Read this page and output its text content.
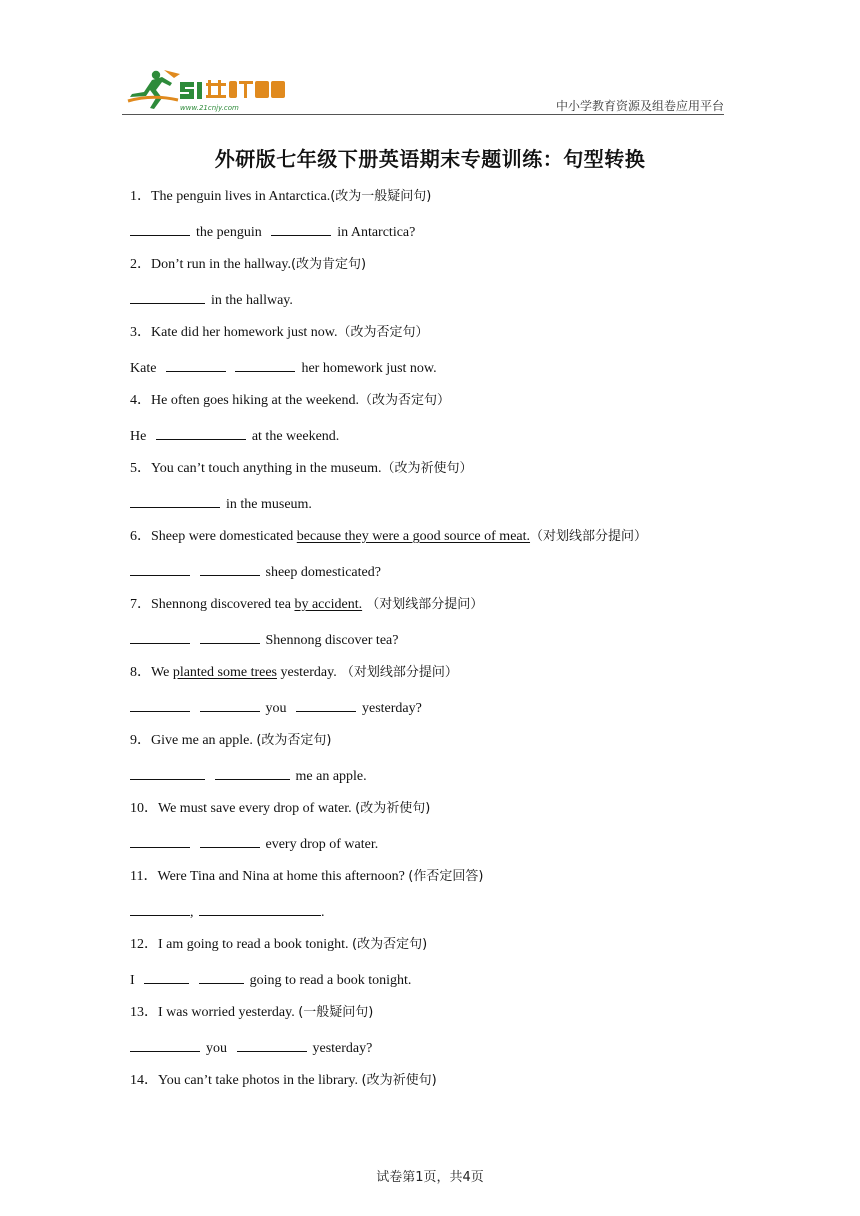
www.21cnjy.com	中小学教育资源及组卷应用平台
外研版七年级下册英语期末专题训练：句型转换
1．The penguin lives in Antarctica.(改为一般疑问句)
the penguin	in Antarctica?
2．Don’t run in the hallway.(改为肯定句)
in the hallway.
3．Kate did her homework just now.（改为否定句）
Kate	her homework just now.
4．He often goes hiking at the weekend.（改为否定句）
He	at the weekend.
5．You can’t touch anything in the museum.（改为祈使句）
in the museum.
6．Sheep were domesticated because they were a good source of meat.（对划线部分提问）
sheep domesticated?
7．Shennong discovered tea by accident. （对划线部分提问）
Shennong discover tea?
8．We planted some trees yesterday. （对划线部分提问）
you	yesterday?
9．Give me an apple. (改为否定句)
me an apple.
10．We must save every drop of water. (改为祈使句)
every drop of water.
11．Were Tina and Nina at home this afternoon? (作否定回答)
,	.
12．I am going to read a book tonight. (改为否定句)
I	going to read a book tonight.
13．I was worried yesterday. (一般疑问句)
you	yesterday?
14．You can’t take photos in the library. (改为祈使句)
试卷第1页，共4页
